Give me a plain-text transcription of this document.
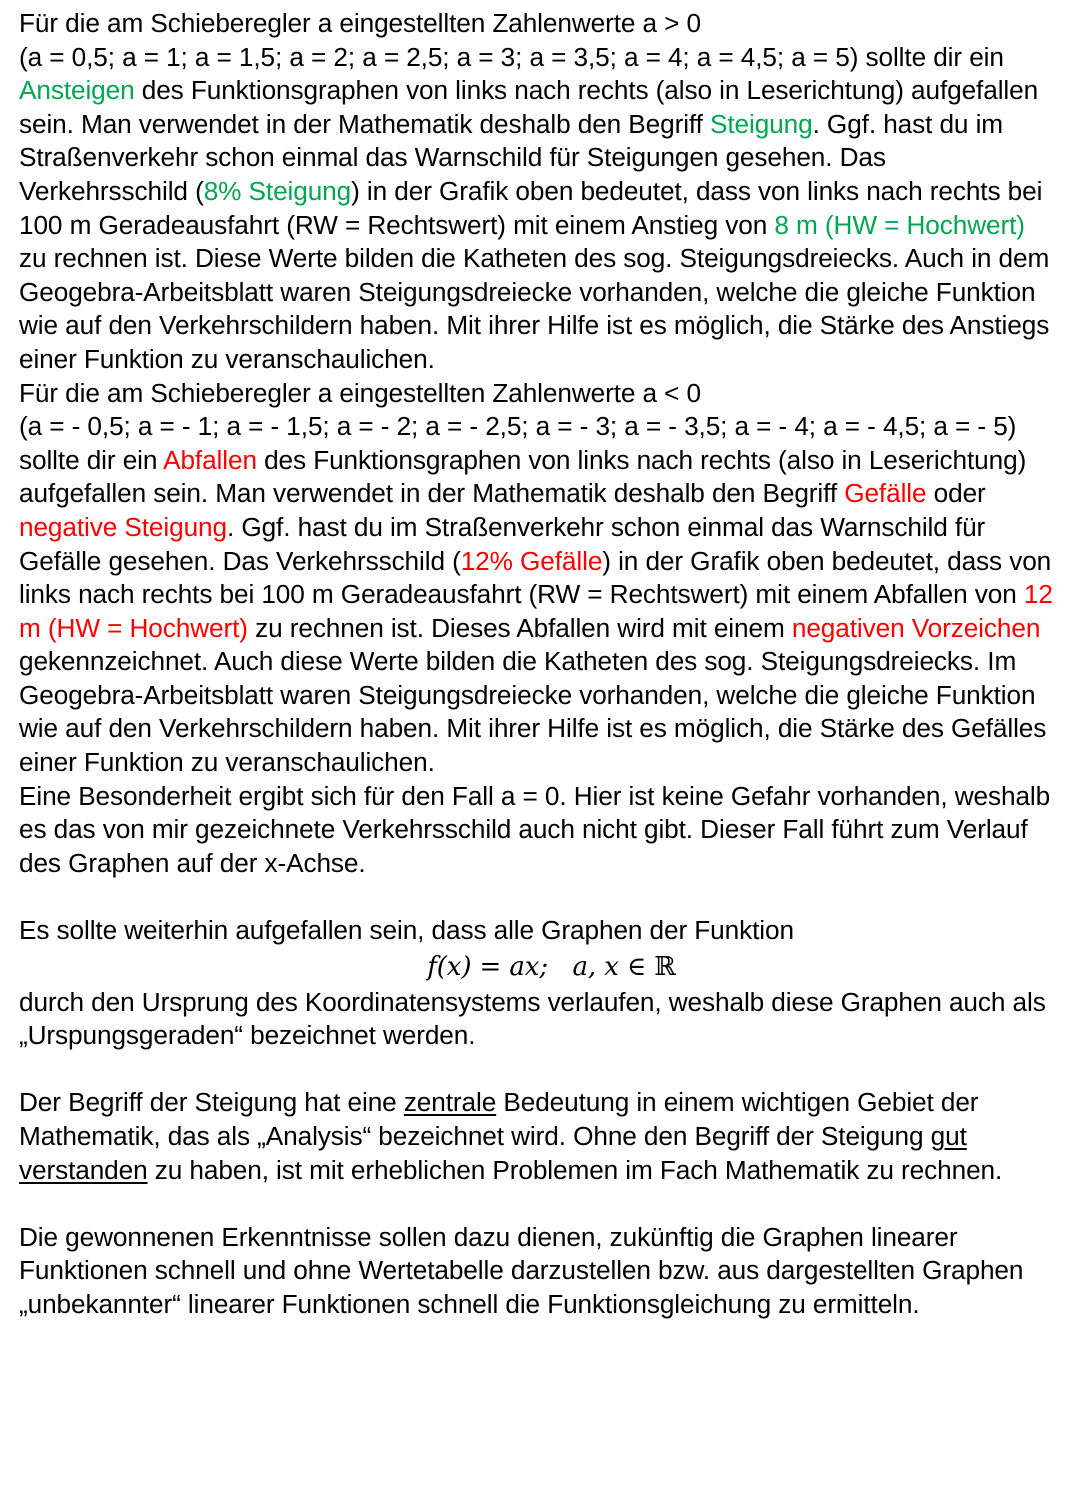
Für die am Schieberegler a eingestellten Zahlenwerte a > 0
(a = 0,5; a = 1; a = 1,5; a = 2; a = 2,5; a = 3; a = 3,5; a = 4; a = 4,5; a = 5) sollte dir ein Ansteigen des Funktionsgraphen von links nach rechts (also in Leserichtung) aufgefallen sein. Man verwendet in der Mathematik deshalb den Begriff Steigung. Ggf. hast du im Straßenverkehr schon einmal das Warnschild für Steigungen gesehen. Das Verkehrsschild (8% Steigung) in der Grafik oben bedeutet, dass von links nach rechts bei 100 m Geradeausfahrt (RW = Rechtswert) mit einem Anstieg von 8 m (HW = Hochwert) zu rechnen ist. Diese Werte bilden die Katheten des sog. Steigungsdreiecks. Auch in dem Geogebra-Arbeitsblatt waren Steigungsdreiecke vorhanden, welche die gleiche Funktion wie auf den Verkehrschildern haben. Mit ihrer Hilfe ist es möglich, die Stärke des Anstiegs einer Funktion zu veranschaulichen.

Für die am Schieberegler a eingestellten Zahlenwerte a < 0
(a = - 0,5; a = - 1; a = - 1,5; a = - 2; a = - 2,5; a = - 3; a = - 3,5; a = - 4; a = - 4,5; a = - 5) sollte dir ein Abfallen des Funktionsgraphen von links nach rechts (also in Leserichtung) aufgefallen sein. Man verwendet in der Mathematik deshalb den Begriff Gefälle oder negative Steigung. Ggf. hast du im Straßenverkehr schon einmal das Warnschild für Gefälle gesehen. Das Verkehrsschild (12% Gefälle) in der Grafik oben bedeutet, dass von links nach rechts bei 100 m Geradeausfahrt (RW = Rechtswert) mit einem Abfallen von 12 m (HW = Hochwert) zu rechnen ist. Dieses Abfallen wird mit einem negativen Vorzeichen gekennzeichnet. Auch diese Werte bilden die Katheten des sog. Steigungsdreiecks. Im Geogebra-Arbeitsblatt waren Steigungsdreiecke vorhanden, welche die gleiche Funktion wie auf den Verkehrschildern haben. Mit ihrer Hilfe ist es möglich, die Stärke des Gefälles einer Funktion zu veranschaulichen.

Eine Besonderheit ergibt sich für den Fall a = 0. Hier ist keine Gefahr vorhanden, weshalb es das von mir gezeichnete Verkehrsschild auch nicht gibt. Dieser Fall führt zum Verlauf des Graphen auf der x-Achse.

Es sollte weiterhin aufgefallen sein, dass alle Graphen der Funktion

f(x) = ax; a, x ∈ ℝ

durch den Ursprung des Koordinatensystems verlaufen, weshalb diese Graphen auch als „Urspungsgeraden“ bezeichnet werden.

Der Begriff der Steigung hat eine zentrale Bedeutung in einem wichtigen Gebiet der Mathematik, das als „Analysis“ bezeichnet wird. Ohne den Begriff der Steigung gut verstanden zu haben, ist mit erheblichen Problemen im Fach Mathematik zu rechnen.

Die gewonnenen Erkenntnisse sollen dazu dienen, zukünftig die Graphen linearer Funktionen schnell und ohne Wertetabelle darzustellen bzw. aus dargestellten Graphen „unbekannter“ linearer Funktionen schnell die Funktionsgleichung zu ermitteln.
